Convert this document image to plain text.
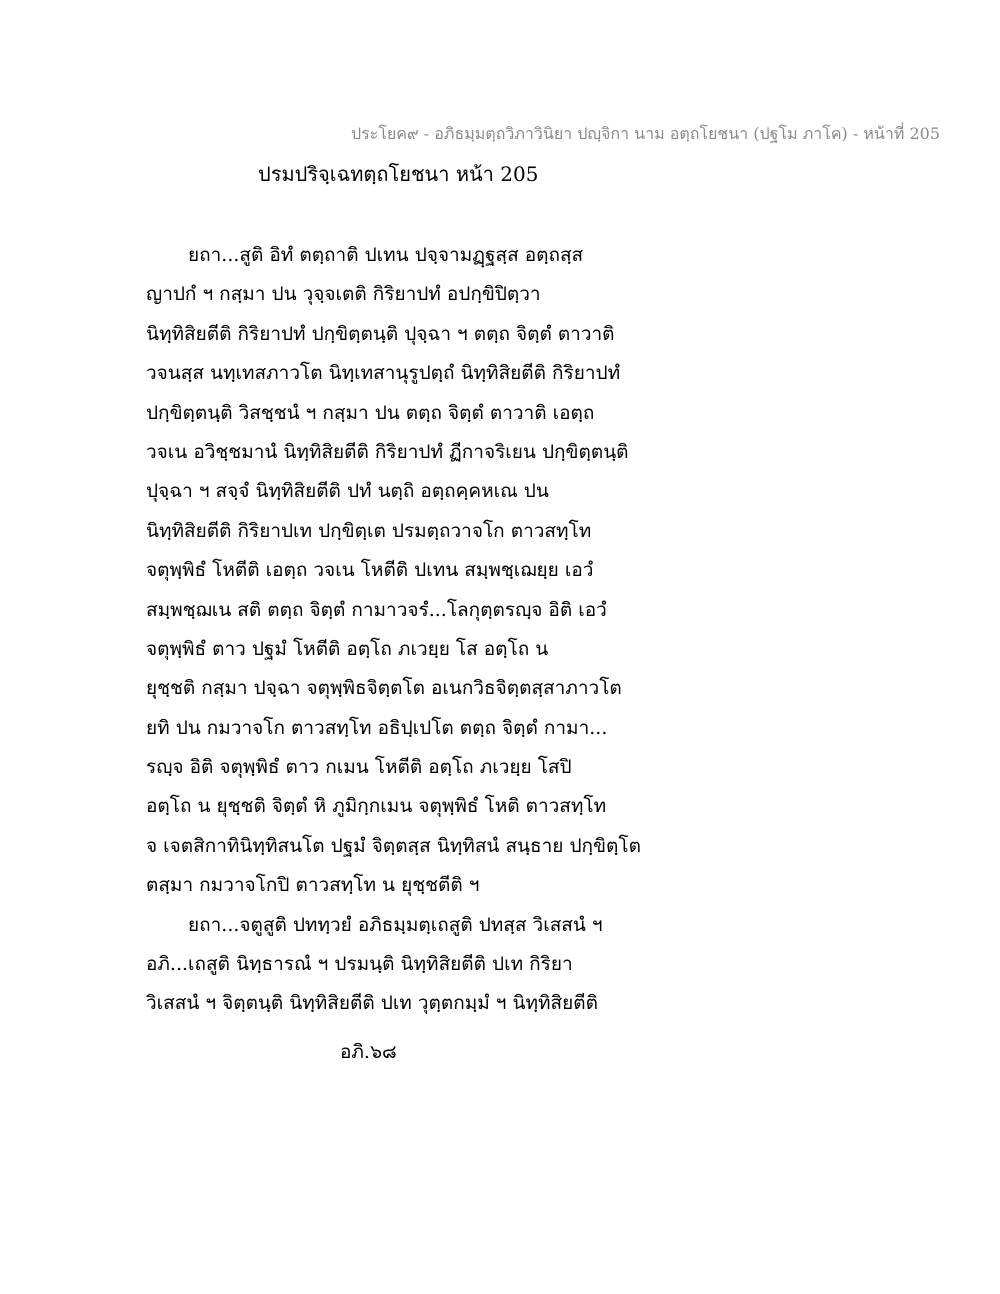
ประโยค๙ - อภิธมฺมตฺถวิภาวินิยา ปญฺจิกา นาม อตฺถโยชนา (ปฐโม ภาโค) - หน้าที่ 205
ปรมปริจฺเฉทตฺถโยชนา หน้า 205
ยถา...สูติ อิทํ ตตฺถาติ ปเทน ปจฺจามฏฺฐสฺส อตฺถสฺส
ญาปกํ ฯ กสฺมา ปน วุจฺจเตติ กิริยาปทํ อปกฺขิปิตฺวา
นิทฺทิสิยตีติ กิริยาปทํ ปกฺขิตฺตนฺติ ปุจฺฉา ฯ ตตฺถ จิตฺตํ ตาวาติ
วจนสฺส นทฺเทสภาวโต นิทฺเทสานุรูปตฺถํ นิทฺทิสิยตีติ กิริยาปทํ
ปกฺขิตฺตนฺติ วิสชฺชนํ ฯ กสฺมา ปน ตตฺถ จิตฺตํ ตาวาติ เอตฺถ
วจเน อวิชฺชมานํ นิทฺทิสิยตีติ กิริยาปทํ ฏีกาจริเยน ปกฺขิตฺตนฺติ
ปุจฺฉา ฯ สจฺจํ นิทฺทิสิยตีติ ปทํ นตฺถิ อตฺถคฺคหเณ ปน
นิทฺทิสิยตีติ กิริยาปเท ปกฺขิตฺเต ปรมตฺถวาจโก ตาวสทฺโท
จตุพฺพิธํ โหตีติ เอตฺถ วจเน โหตีติ ปเทน สมฺพชฺเฌยฺย เอวํ
สมฺพชฺฌเน สติ ตตฺถ จิตฺตํ กามาวจรํ...โลกุตฺตรญฺจ อิติ เอวํ
จตุพฺพิธํ ตาว ปฐมํ โหตีติ อตฺโถ ภเวยฺย โส อตฺโถ น
ยุชฺชติ กสฺมา ปจฺฉา จตุพฺพิธจิตฺตโต อเนกวิธจิตฺตสฺสาภาวโต
ยทิ ปน กมวาจโก ตาวสทฺโท อธิปฺเปโต ตตฺถ จิตฺตํ กามา...
รญฺจ อิติ จตุพฺพิธํ ตาว กเมน โหตีติ อตฺโถ ภเวยฺย โสปิ
อตฺโถ น ยุชฺชติ จิตฺตํ หิ ภูมิกฺกเมน จตุพฺพิธํ โหติ ตาวสทฺโท
จ เจตสิกาทินิทฺทิสนโต ปฐมํ จิตฺตสฺส นิทฺทิสนํ สนฺธาย ปกฺขิตฺโต
ตสฺมา กมวาจโกปิ ตาวสทฺโท น ยุชฺชตีติ ฯ
ยถา...จตูสูติ ปททฺวยํ อภิธมฺมตฺเถสูติ ปทสฺส วิเสสนํ ฯ
อภิ...เถสูติ นิทฺธารณํ ฯ ปรมนฺติ นิทฺทิสิยตีติ ปเท กิริยา
วิเสสนํ ฯ จิตฺตนฺติ นิทฺทิสิยตีติ ปเท วุตฺตกมฺมํ ฯ นิทฺทิสิยตีติ
อภิ.๖๘
